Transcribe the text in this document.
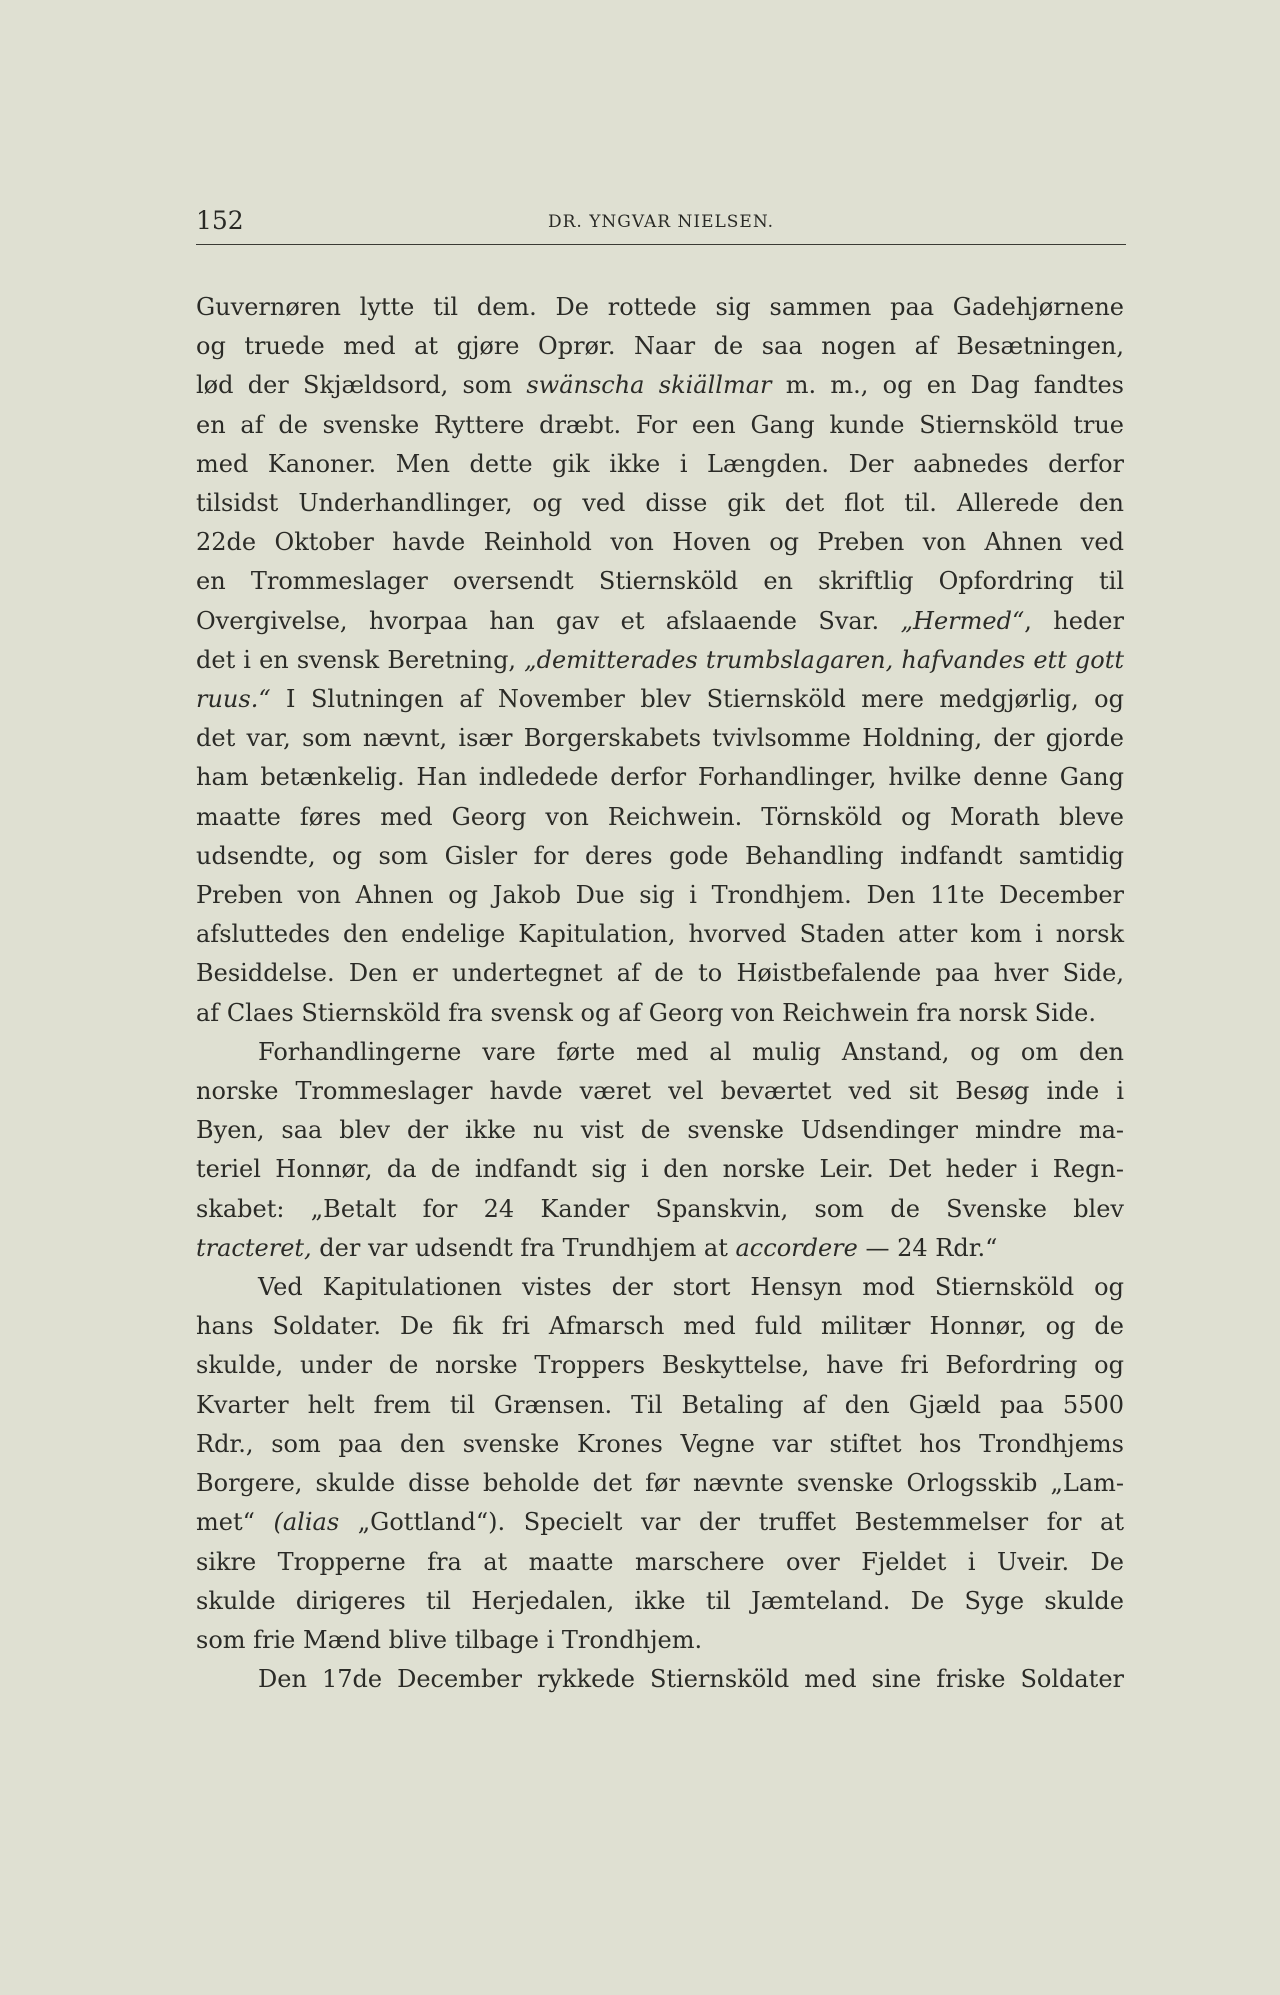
152	DR. YNGVAR NIELSEN.

Guvernøren lytte til dem. De rottede sig sammen paa Gadehjørnene
og truede med at gjøre Oprør. Naar de saa nogen af Besætningen,
lød der Skjældsord, som swänscha skiällmar m. m., og en Dag fandtes
en af de svenske Ryttere dræbt. For een Gang kunde Stiernsköld true
med Kanoner. Men dette gik ikke i Længden. Der aabnedes derfor
tilsidst Underhandlinger, og ved disse gik det flot til. Allerede den
22de Oktober havde Reinhold von Hoven og Preben von Ahnen ved
en Trommeslager oversendt Stiernsköld en skriftlig Opfordring til
Overgivelse, hvorpaa han gav et afslaaende Svar. „Hermed“, heder
det i en svensk Beretning, „demitterades trumbslagaren, hafvandes ett gott
ruus.“ I Slutningen af November blev Stiernsköld mere medgjørlig, og
det var, som nævnt, især Borgerskabets tvivlsomme Holdning, der gjorde
ham betænkelig. Han indledede derfor Forhandlinger, hvilke denne Gang
maatte føres med Georg von Reichwein. Törnsköld og Morath bleve
udsendte, og som Gisler for deres gode Behandling indfandt samtidig
Preben von Ahnen og Jakob Due sig i Trondhjem. Den 11te December
afsluttedes den endelige Kapitulation, hvorved Staden atter kom i norsk
Besiddelse. Den er undertegnet af de to Høistbefalende paa hver Side,
af Claes Stiernsköld fra svensk og af Georg von Reichwein fra norsk Side.

Forhandlingerne vare førte med al mulig Anstand, og om den
norske Trommeslager havde været vel beværtet ved sit Besøg inde i
Byen, saa blev der ikke nu vist de svenske Udsendinger mindre ma-
teriel Honnør, da de indfandt sig i den norske Leir. Det heder i Regn-
skabet: „Betalt for 24 Kander Spanskvin, som de Svenske blev
tracteret, der var udsendt fra Trundhjem at accordere — 24 Rdr.“

Ved Kapitulationen vistes der stort Hensyn mod Stiernsköld og
hans Soldater. De fik fri Afmarsch med fuld militær Honnør, og de
skulde, under de norske Troppers Beskyttelse, have fri Befordring og
Kvarter helt frem til Grænsen. Til Betaling af den Gjæld paa 5500
Rdr., som paa den svenske Krones Vegne var stiftet hos Trondhjems
Borgere, skulde disse beholde det før nævnte svenske Orlogsskib „Lam-
met“ (alias „Gottland“). Specielt var der truffet Bestemmelser for at
sikre Tropperne fra at maatte marschere over Fjeldet i Uveir. De
skulde dirigeres til Herjedalen, ikke til Jæmteland. De Syge skulde
som frie Mænd blive tilbage i Trondhjem.

Den 17de December rykkede Stiernsköld med sine friske Soldater
